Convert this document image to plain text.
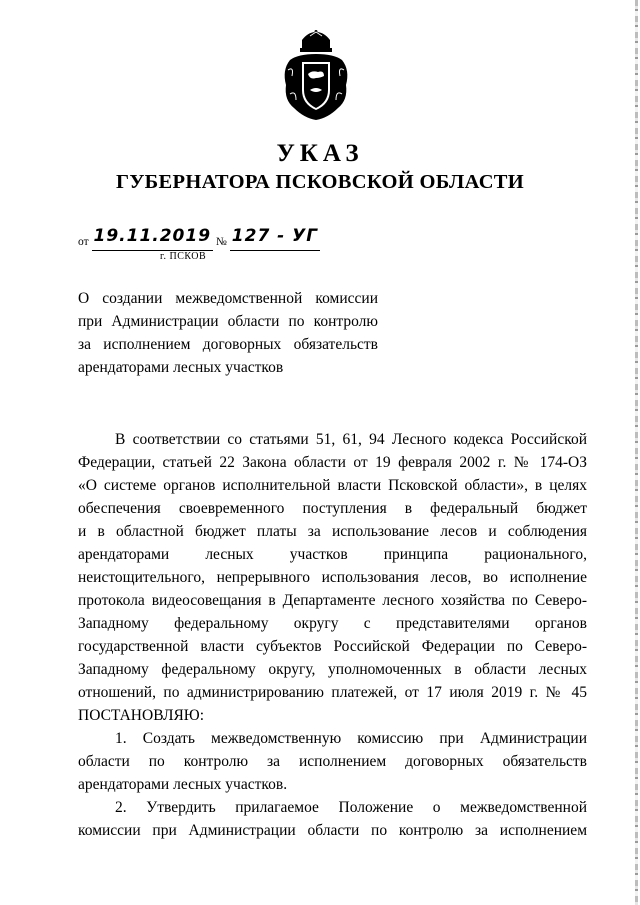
УКАЗ
ГУБЕРНАТОРА ПСКОВСКОЙ ОБЛАСТИ
от 19.11.2019 № 127 - УГ
г. ПСКОВ
О создании межведомственной комиссии
при Администрации области по контролю
за исполнением договорных обязательств
арендаторами лесных участков
В соответствии со статьями 51, 61, 94 Лесного кодекса Российской
Федерации, статьей 22 Закона области от 19 февраля 2002 г. № 174-ОЗ
«О системе органов исполнительной власти Псковской области», в целях
обеспечения своевременного поступления в федеральный бюджет
и в областной бюджет платы за использование лесов и соблюдения
арендаторами лесных участков принципа рационального,
неистощительного, непрерывного использования лесов, во исполнение
протокола видеосовещания в Департаменте лесного хозяйства по Северо-
Западному федеральному округу с представителями органов
государственной власти субъектов Российской Федерации по Северо-
Западному федеральному округу, уполномоченных в области лесных
отношений, по администрированию платежей, от 17 июля 2019 г. № 45
ПОСТАНОВЛЯЮ:
1. Создать межведомственную комиссию при Администрации
области по контролю за исполнением договорных обязательств
арендаторами лесных участков.
2. Утвердить прилагаемое Положение о межведомственной
комиссии при Администрации области по контролю за исполнением
